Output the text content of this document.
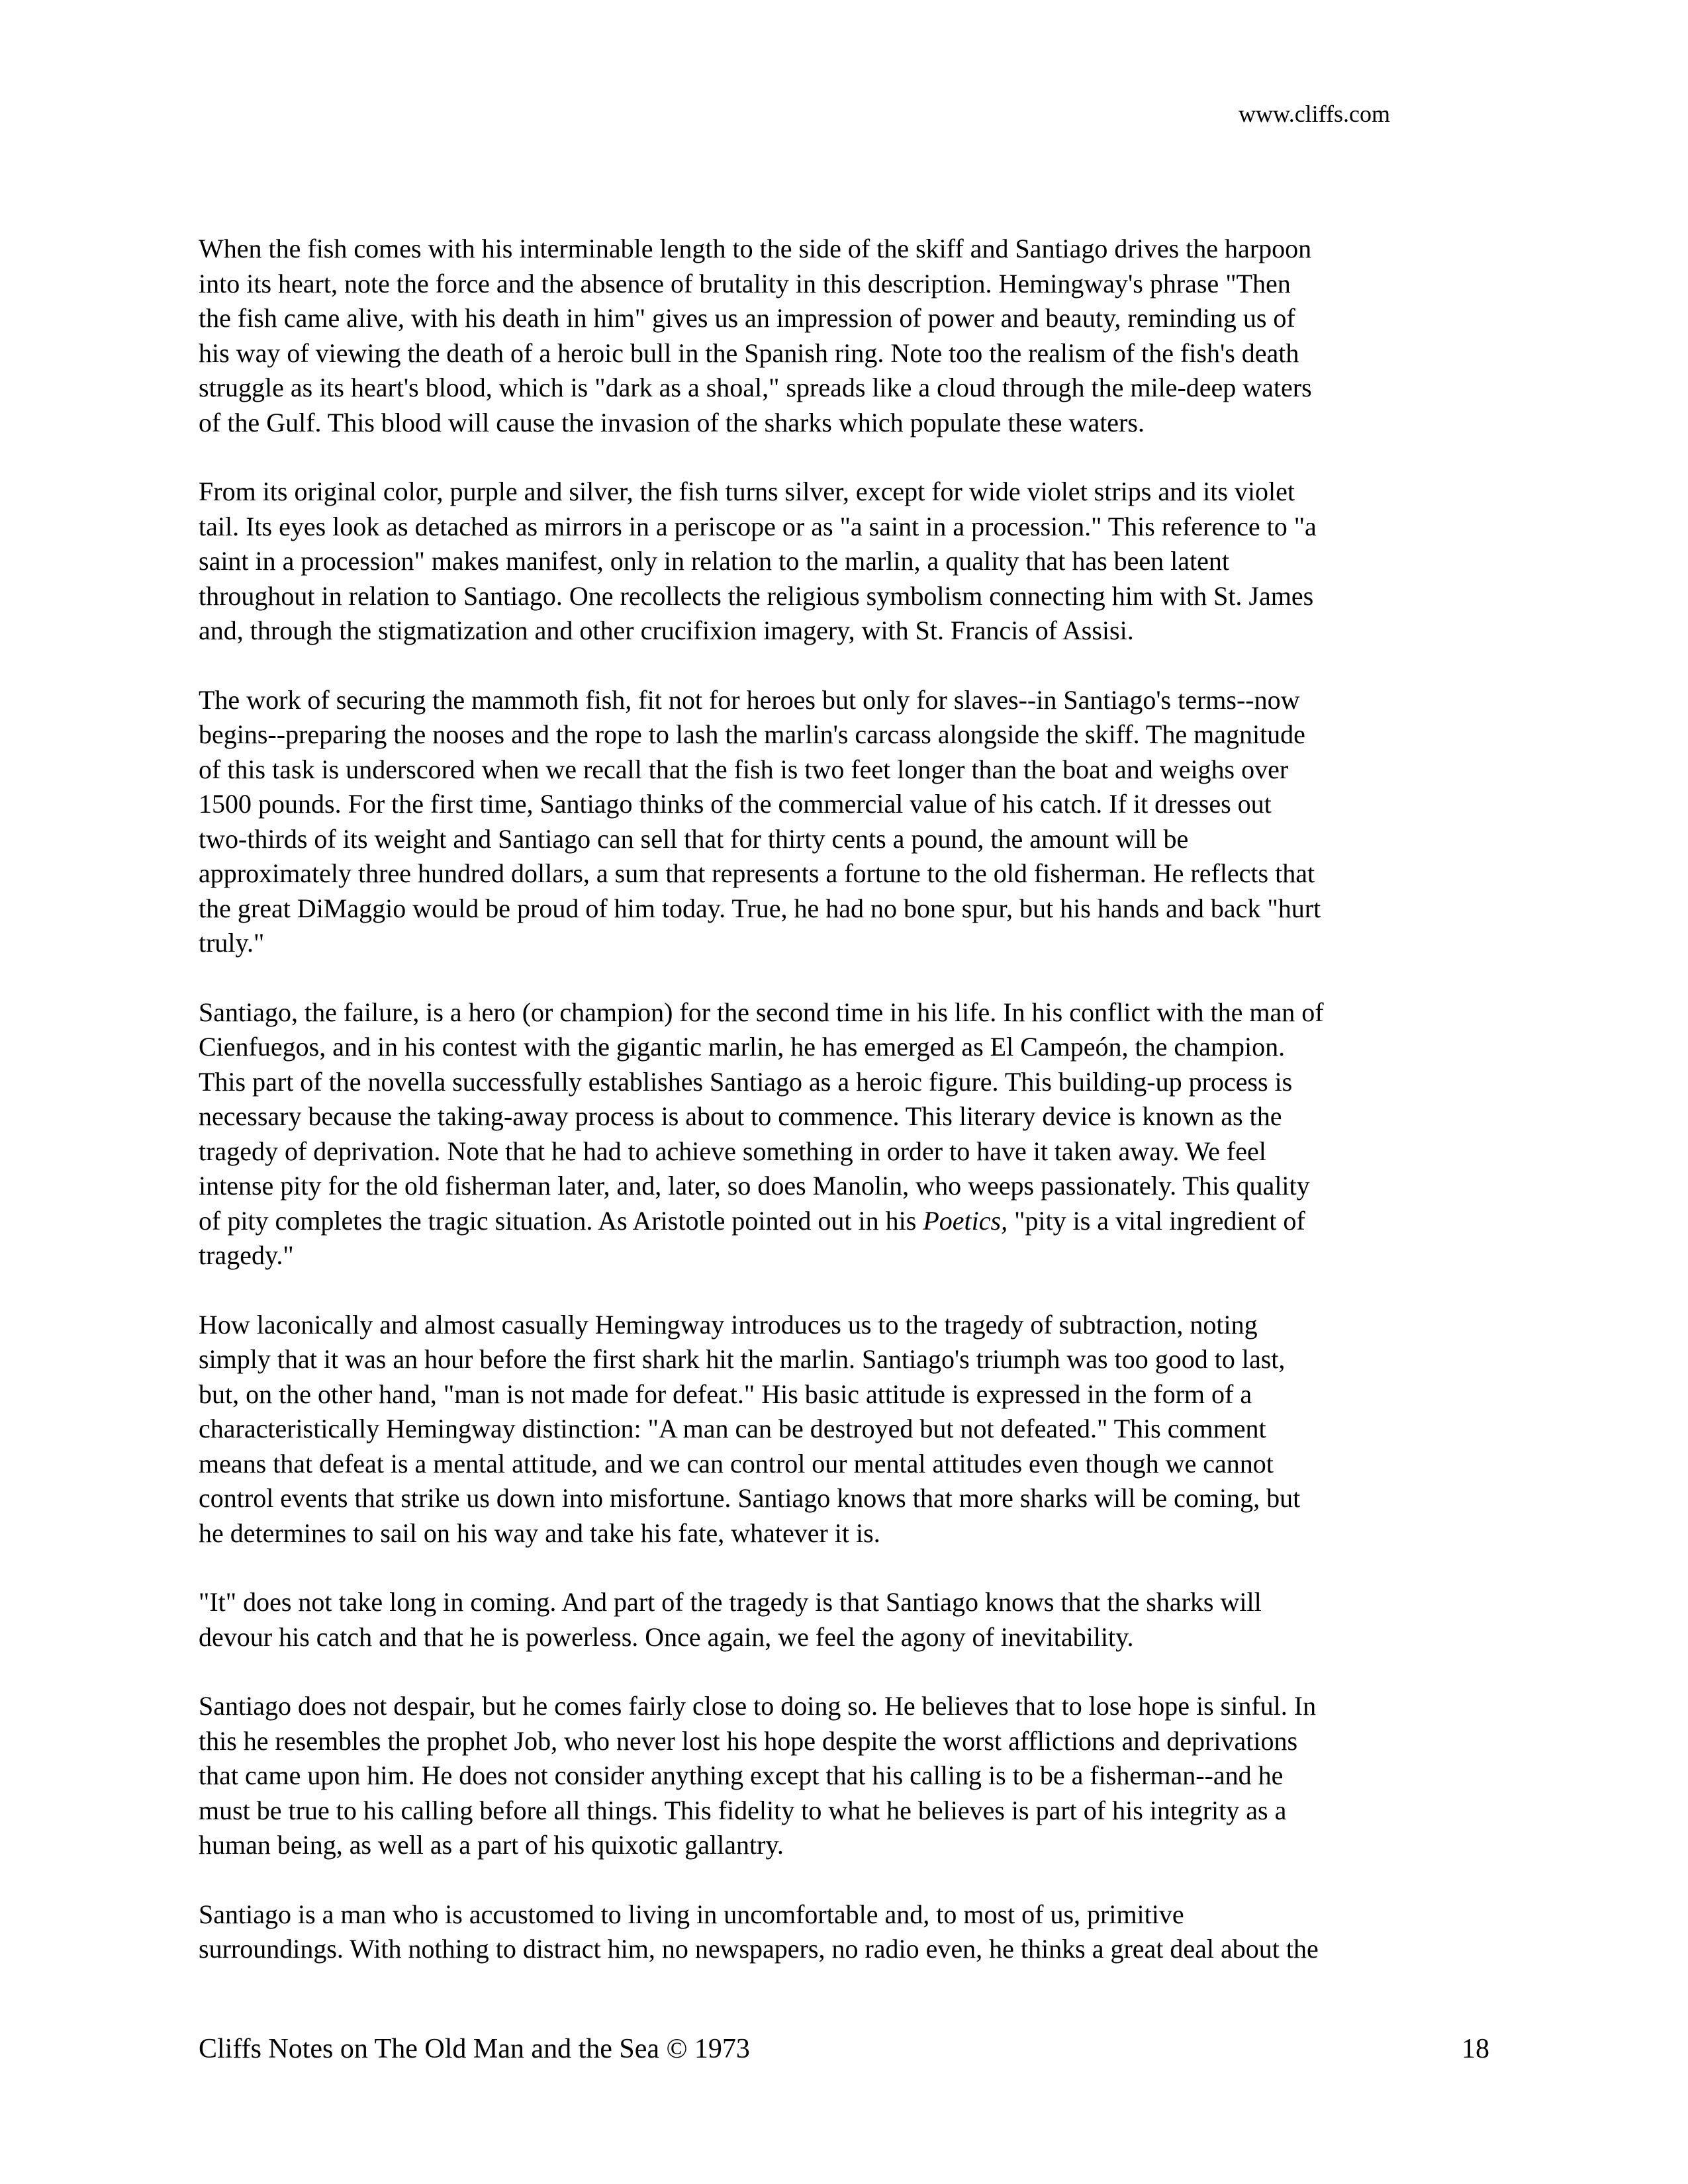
www.cliffs.com

When the fish comes with his interminable length to the side of the skiff and Santiago drives the harpoon
into its heart, note the force and the absence of brutality in this description. Hemingway's phrase "Then
the fish came alive, with his death in him" gives us an impression of power and beauty, reminding us of
his way of viewing the death of a heroic bull in the Spanish ring. Note too the realism of the fish's death
struggle as its heart's blood, which is "dark as a shoal," spreads like a cloud through the mile-deep waters
of the Gulf. This blood will cause the invasion of the sharks which populate these waters.

From its original color, purple and silver, the fish turns silver, except for wide violet strips and its violet
tail. Its eyes look as detached as mirrors in a periscope or as "a saint in a procession." This reference to "a
saint in a procession" makes manifest, only in relation to the marlin, a quality that has been latent
throughout in relation to Santiago. One recollects the religious symbolism connecting him with St. James
and, through the stigmatization and other crucifixion imagery, with St. Francis of Assisi.

The work of securing the mammoth fish, fit not for heroes but only for slaves--in Santiago's terms--now
begins--preparing the nooses and the rope to lash the marlin's carcass alongside the skiff. The magnitude
of this task is underscored when we recall that the fish is two feet longer than the boat and weighs over
1500 pounds. For the first time, Santiago thinks of the commercial value of his catch. If it dresses out
two-thirds of its weight and Santiago can sell that for thirty cents a pound, the amount will be
approximately three hundred dollars, a sum that represents a fortune to the old fisherman. He reflects that
the great DiMaggio would be proud of him today. True, he had no bone spur, but his hands and back "hurt
truly."

Santiago, the failure, is a hero (or champion) for the second time in his life. In his conflict with the man of
Cienfuegos, and in his contest with the gigantic marlin, he has emerged as El Campeón, the champion.
This part of the novella successfully establishes Santiago as a heroic figure. This building-up process is
necessary because the taking-away process is about to commence. This literary device is known as the
tragedy of deprivation. Note that he had to achieve something in order to have it taken away. We feel
intense pity for the old fisherman later, and, later, so does Manolin, who weeps passionately. This quality
of pity completes the tragic situation. As Aristotle pointed out in his Poetics, "pity is a vital ingredient of
tragedy."

How laconically and almost casually Hemingway introduces us to the tragedy of subtraction, noting
simply that it was an hour before the first shark hit the marlin. Santiago's triumph was too good to last,
but, on the other hand, "man is not made for defeat." His basic attitude is expressed in the form of a
characteristically Hemingway distinction: "A man can be destroyed but not defeated." This comment
means that defeat is a mental attitude, and we can control our mental attitudes even though we cannot
control events that strike us down into misfortune. Santiago knows that more sharks will be coming, but
he determines to sail on his way and take his fate, whatever it is.

"It" does not take long in coming. And part of the tragedy is that Santiago knows that the sharks will
devour his catch and that he is powerless. Once again, we feel the agony of inevitability.

Santiago does not despair, but he comes fairly close to doing so. He believes that to lose hope is sinful. In
this he resembles the prophet Job, who never lost his hope despite the worst afflictions and deprivations
that came upon him. He does not consider anything except that his calling is to be a fisherman--and he
must be true to his calling before all things. This fidelity to what he believes is part of his integrity as a
human being, as well as a part of his quixotic gallantry.

Santiago is a man who is accustomed to living in uncomfortable and, to most of us, primitive
surroundings. With nothing to distract him, no newspapers, no radio even, he thinks a great deal about the

Cliffs Notes on The Old Man and the Sea © 1973	18
